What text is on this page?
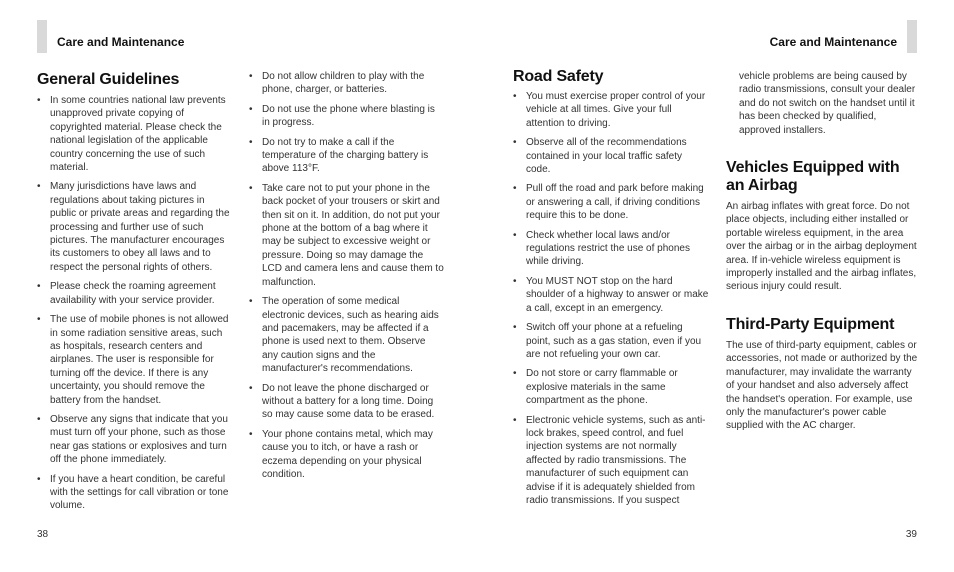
Care and Maintenance
General Guidelines
• In some countries national law prevents unapproved private copying of copyrighted material. Please check the national legislation of the applicable country concerning the use of such material.
• Many jurisdictions have laws and regulations about taking pictures in public or private areas and regarding the processing and further use of such pictures. The manufacturer encourages its customers to obey all laws and to respect the personal rights of others.
• Please check the roaming agreement availability with your service provider.
• The use of mobile phones is not allowed in some radiation sensitive areas, such as hospitals, research centers and airplanes. The user is responsible for turning off the device. If there is any uncertainty, you should remove the battery from the handset.
• Observe any signs that indicate that you must turn off your phone, such as those near gas stations or explosives and turn off the phone immediately.
• If you have a heart condition, be careful with the settings for call vibration or tone volume.
• Do not allow children to play with the phone, charger, or batteries.
• Do not use the phone where blasting is in progress.
• Do not try to make a call if the temperature of the charging battery is above 113°F.
• Take care not to put your phone in the back pocket of your trousers or skirt and then sit on it. In addition, do not put your phone at the bottom of a bag where it may be subject to excessive weight or pressure. Doing so may damage the LCD and camera lens and cause them to malfunction.
• The operation of some medical electronic devices, such as hearing aids and pacemakers, may be affected if a phone is used next to them. Observe any caution signs and the manufacturer's recommendations.
• Do not leave the phone discharged or without a battery for a long time. Doing so may cause some data to be erased.
• Your phone contains metal, which may cause you to itch, or have a rash or eczema depending on your physical condition.
38
Care and Maintenance
Road Safety
• You must exercise proper control of your vehicle at all times. Give your full attention to driving.
• Observe all of the recommendations contained in your local traffic safety code.
• Pull off the road and park before making or answering a call, if driving conditions require this to be done.
• Check whether local laws and/or regulations restrict the use of phones while driving.
• You MUST NOT stop on the hard shoulder of a highway to answer or make a call, except in an emergency.
• Switch off your phone at a refueling point, such as a gas station, even if you are not refueling your own car.
• Do not store or carry flammable or explosive materials in the same compartment as the phone.
• Electronic vehicle systems, such as anti-lock brakes, speed control, and fuel injection systems are not normally affected by radio transmissions. The manufacturer of such equipment can advise if it is adequately shielded from radio transmissions. If you suspect

vehicle problems are being caused by radio transmissions, consult your dealer and do not switch on the handset until it has been checked by qualified, approved installers.

Vehicles Equipped with an Airbag

An airbag inflates with great force. Do not place objects, including either installed or portable wireless equipment, in the area over the airbag or in the airbag deployment area. If in-vehicle wireless equipment is improperly installed and the airbag inflates, serious injury could result.

Third-Party Equipment

The use of third-party equipment, cables or accessories, not made or authorized by the manufacturer, may invalidate the warranty of your handset and also adversely affect the handset's operation. For example, use only the manufacturer's power cable supplied with the AC charger.

39
